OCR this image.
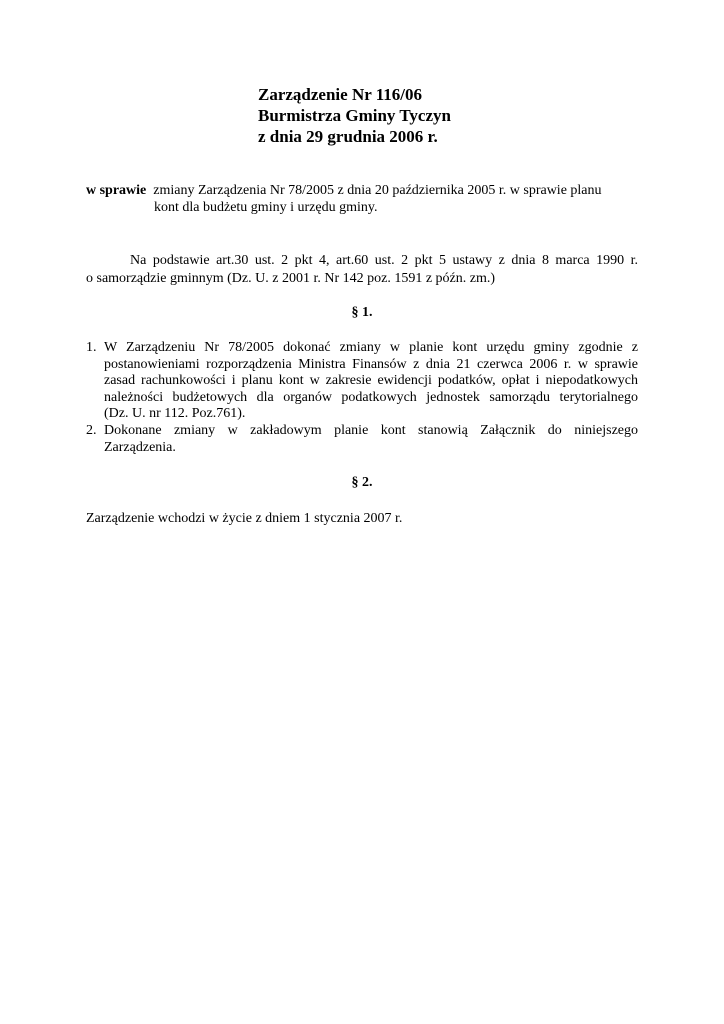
Zarządzenie Nr 116/06
Burmistrza Gminy Tyczyn
z dnia 29 grudnia 2006 r.
w sprawie zmiany Zarządzenia Nr 78/2005 z dnia 20 października 2005 r. w sprawie planu
kont dla budżetu gminy i urzędu gminy.
Na podstawie art.30 ust. 2 pkt 4, art.60 ust. 2 pkt 5 ustawy z dnia 8 marca 1990 r.
o samorządzie gminnym (Dz. U. z 2001 r. Nr 142 poz. 1591 z późn. zm.)
§ 1.
1. W Zarządzeniu Nr 78/2005 dokonać zmiany w planie kont urzędu gminy zgodnie z
postanowieniami rozporządzenia Ministra Finansów z dnia 21 czerwca 2006 r. w sprawie
zasad rachunkowości i planu kont w zakresie ewidencji podatków, opłat i niepodatkowych
należności budżetowych dla organów podatkowych jednostek samorządu terytorialnego
(Dz. U. nr 112. Poz.761).
2. Dokonane zmiany w zakładowym planie kont stanowią Załącznik do niniejszego
Zarządzenia.
§ 2.
Zarządzenie wchodzi w życie z dniem 1 stycznia 2007 r.
